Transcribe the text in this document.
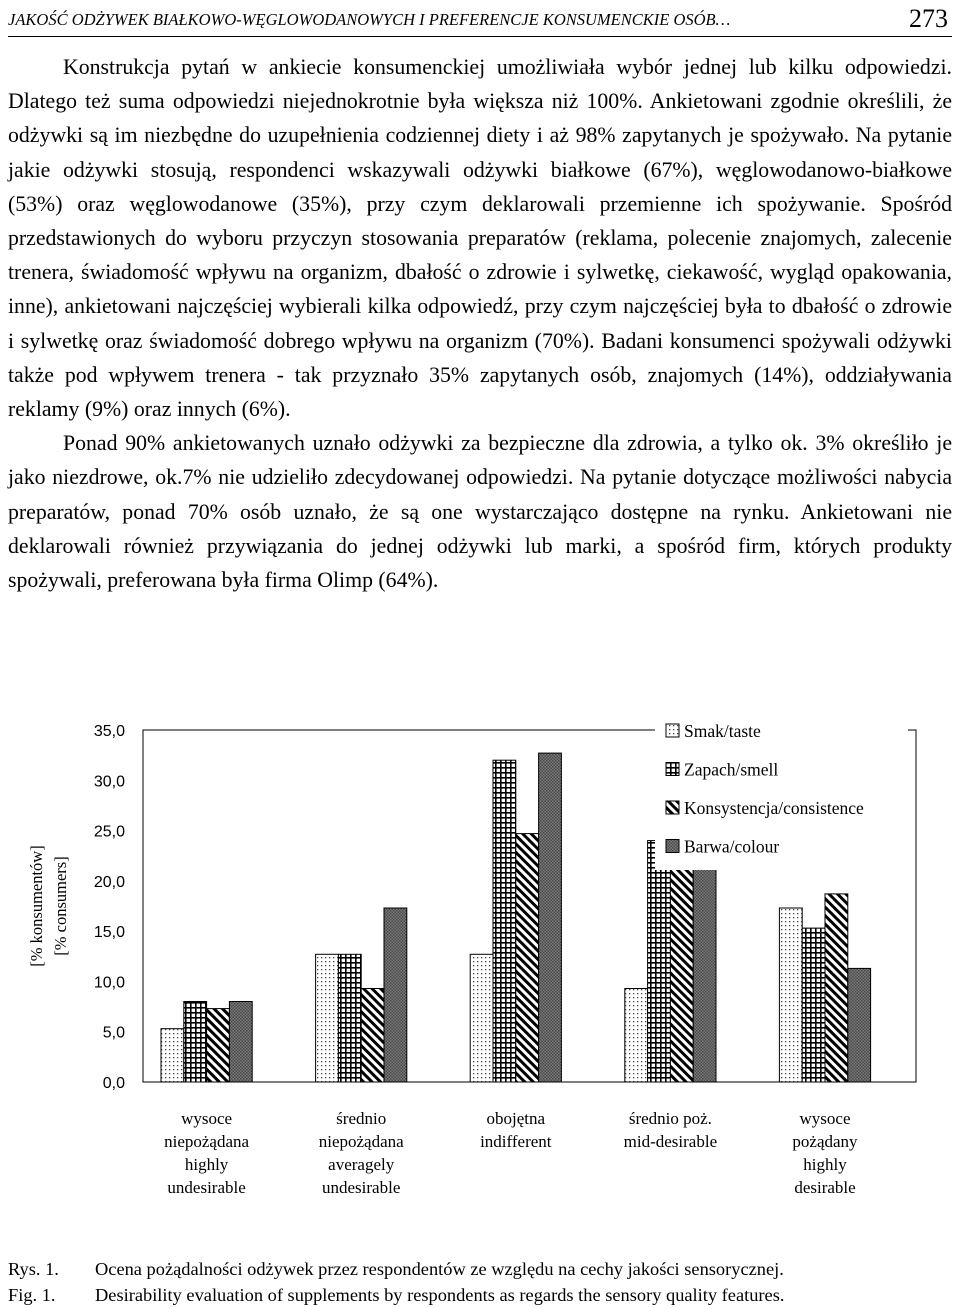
JAKOŚĆ ODŻYWEK BIAŁKOWO-WĘGLOWODANOWYCH I PREFERENCJE KONSUMENCKIE OSÓB…	273

Konstrukcja pytań w ankiecie konsumenckiej umożliwiała wybór jednej lub kilku odpowiedzi. Dlatego też suma odpowiedzi niejednokrotnie była większa niż 100%. Ankietowani zgodnie określili, że odżywki są im niezbędne do uzupełnienia codziennej diety i aż 98% zapytanych je spożywało. Na pytanie jakie odżywki stosują, respondenci wskazywali odżywki białkowe (67%), węglowodanowo-białkowe (53%) oraz węglowodanowe (35%), przy czym deklarowali przemienne ich spożywanie. Spośród przedstawionych do wyboru przyczyn stosowania preparatów (reklama, polecenie znajomych, zalecenie trenera, świadomość wpływu na organizm, dbałość o zdrowie i sylwetkę, ciekawość, wygląd opakowania, inne), ankietowani najczęściej wybierali kilka odpowiedź, przy czym najczęściej była to dbałość o zdrowie i sylwetkę oraz świadomość dobrego wpływu na organizm (70%). Badani konsumenci spożywali odżywki także pod wpływem trenera - tak przyznało 35% zapytanych osób, znajomych (14%), oddziaływania reklamy (9%) oraz innych (6%).

Ponad 90% ankietowanych uznało odżywki za bezpieczne dla zdrowia, a tylko ok. 3% określiło je jako niezdrowe, ok.7% nie udzieliło zdecydowanej odpowiedzi. Na pytanie dotyczące możliwości nabycia preparatów, ponad 70% osób uznało, że są one wystarczająco dostępne na rynku. Ankietowani nie deklarowali również przywiązania do jednej odżywki lub marki, a spośród firm, których produkty spożywali, preferowana była firma Olimp (64%).

0,0
5,0
10,0
15,0
20,0
25,0
30,0
35,0
[% konsumentów] [% consumers]
wysoce niepożądana highly undesirable
średnio niepożądana averagely undesirable
obojętna indifferent
średnio poż. mid-desirable
wysoce pożądany highly desirable
Smak/taste
Zapach/smell
Konsystencja/consistence
Barwa/colour
Rys. 1. Ocena pożądalności odżywek przez respondentów ze względu na cechy jakości sensorycznej.
Fig. 1. Desirability evaluation of supplements by respondents as regards the sensory quality features.
